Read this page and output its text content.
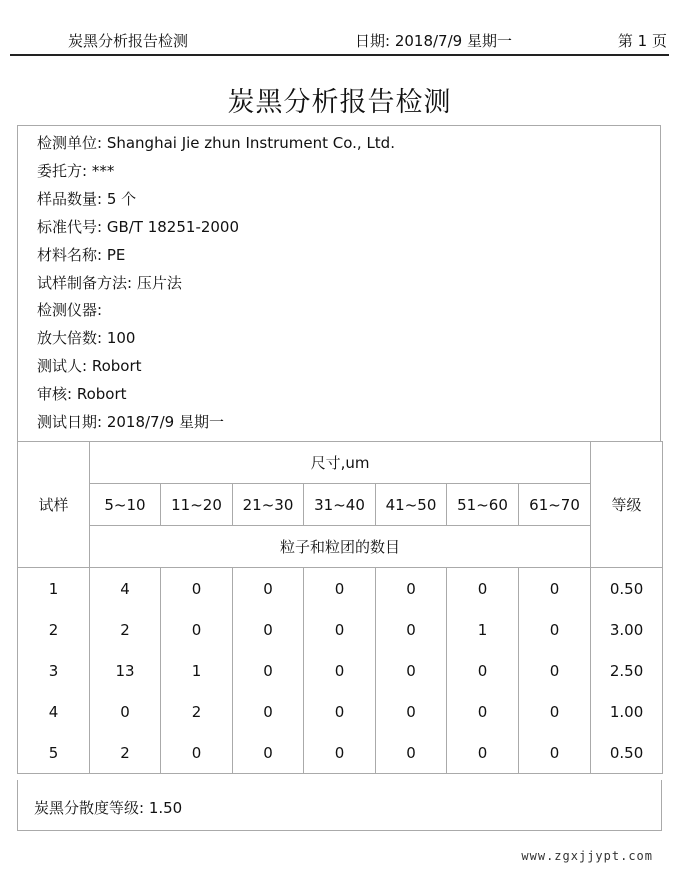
炭黑分析报告检测	日期: 2018/7/9 星期一	第 1 页
炭黑分析报告检测
检测单位: Shanghai Jie zhun Instrument Co., Ltd.
委托方: ***
样品数量: 5 个
标准代号: GB/T 18251-2000
材料名称: PE
试样制备方法: 压片法
检测仪器:
放大倍数: 100
测试人: Robort
审核: Robort
测试日期: 2018/7/9 星期一
试样	尺寸,um							等级
	5~10	11~20	21~30	31~40	41~50	51~60	61~70	
	粒子和粒团的数目							
1	4	0	0	0	0	0	0	0.50
2	2	0	0	0	0	1	0	3.00
3	13	1	0	0	0	0	0	2.50
4	0	2	0	0	0	0	0	1.00
5	2	0	0	0	0	0	0	0.50
炭黑分散度等级: 1.50
www.zgxjjypt.com
